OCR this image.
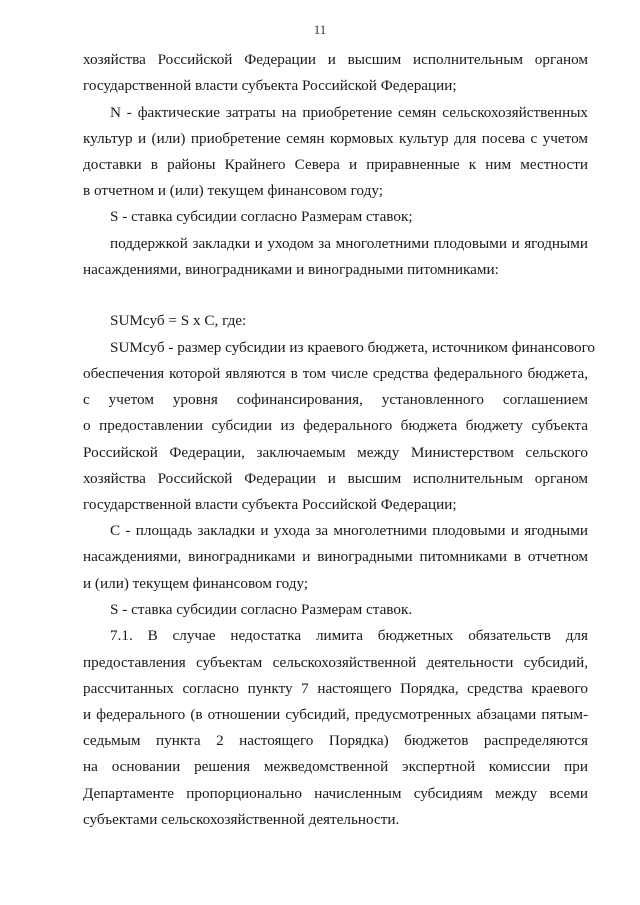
11
хозяйства Российской Федерации и высшим исполнительным органом
государственной власти субъекта Российской Федерации;
N - фактические затраты на приобретение семян сельскохозяйственных
культур и (или) приобретение семян кормовых культур для посева с учетом
доставки в районы Крайнего Севера и приравненные к ним местности
в отчетном и (или) текущем финансовом году;
S - ставка субсидии согласно Размерам ставок;
поддержкой закладки и уходом за многолетними плодовыми и ягодными
насаждениями, виноградниками и виноградными питомниками:
SUMсуб = S x C, где:
SUMсуб - размер субсидии из краевого бюджета, источником финансового
обеспечения которой являются в том числе средства федерального бюджета,
с учетом уровня софинансирования, установленного соглашением
о предоставлении субсидии из федерального бюджета бюджету субъекта
Российской Федерации, заключаемым между Министерством сельского
хозяйства Российской Федерации и высшим исполнительным органом
государственной власти субъекта Российской Федерации;
C - площадь закладки и ухода за многолетними плодовыми и ягодными
насаждениями, виноградниками и виноградными питомниками в отчетном
и (или) текущем финансовом году;
S - ставка субсидии согласно Размерам ставок.
7.1. В случае недостатка лимита бюджетных обязательств для
предоставления субъектам сельскохозяйственной деятельности субсидий,
рассчитанных согласно пункту 7 настоящего Порядка, средства краевого
и федерального (в отношении субсидий, предусмотренных абзацами пятым-
седьмым пункта 2 настоящего Порядка) бюджетов распределяются
на основании решения межведомственной экспертной комиссии при
Департаменте пропорционально начисленным субсидиям между всеми
субъектами сельскохозяйственной деятельности.
